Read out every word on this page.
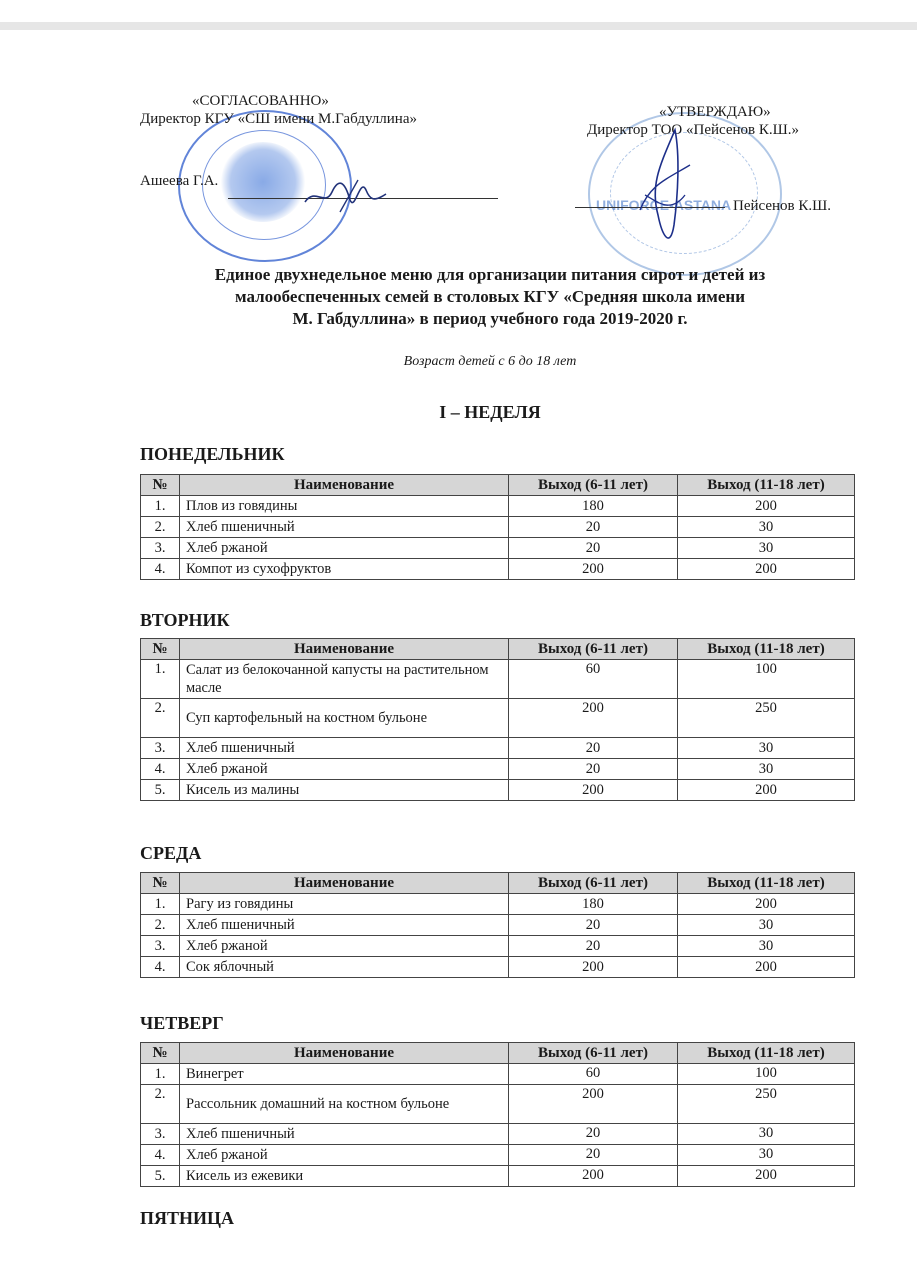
«СОГЛАСОВАННО»
Директор КГУ «СШ имени М.Габдуллина»
Ашеева Г.А.
UNIFORCE-ASTANA
«УТВЕРЖДАЮ»
Директор ТОО «Пейсенов К.Ш.»
Пейсенов К.Ш.
Единое двухнедельное меню для организации питания сирот и детей из
малообеспеченных семей в столовых КГУ «Средняя школа имени
М. Габдуллина» в период учебного года 2019-2020 г.
Возраст детей с 6 до 18 лет
I – НЕДЕЛЯ
ПОНЕДЕЛЬНИК
№	Наименование	Выход (6-11 лет)	Выход (11-18 лет)
1.	Плов из говядины	180	200
2.	Хлеб пшеничный	20	30
3.	Хлеб ржаной	20	30
4.	Компот из сухофруктов	200	200
ВТОРНИК
№	Наименование	Выход (6-11 лет)	Выход (11-18 лет)
1.	Салат из белокочанной капусты на растительном масле	60	100
2.	Суп картофельный на костном бульоне	200	250
3.	Хлеб пшеничный	20	30
4.	Хлеб ржаной	20	30
5.	Кисель из малины	200	200
СРЕДА
№	Наименование	Выход (6-11 лет)	Выход (11-18 лет)
1.	Рагу из говядины	180	200
2.	Хлеб пшеничный	20	30
3.	Хлеб ржаной	20	30
4.	Сок яблочный	200	200
ЧЕТВЕРГ
№	Наименование	Выход (6-11 лет)	Выход (11-18 лет)
1.	Винегрет	60	100
2.	Рассольник домашний на костном бульоне	200	250
3.	Хлеб пшеничный	20	30
4.	Хлеб ржаной	20	30
5.	Кисель из ежевики	200	200
ПЯТНИЦА
